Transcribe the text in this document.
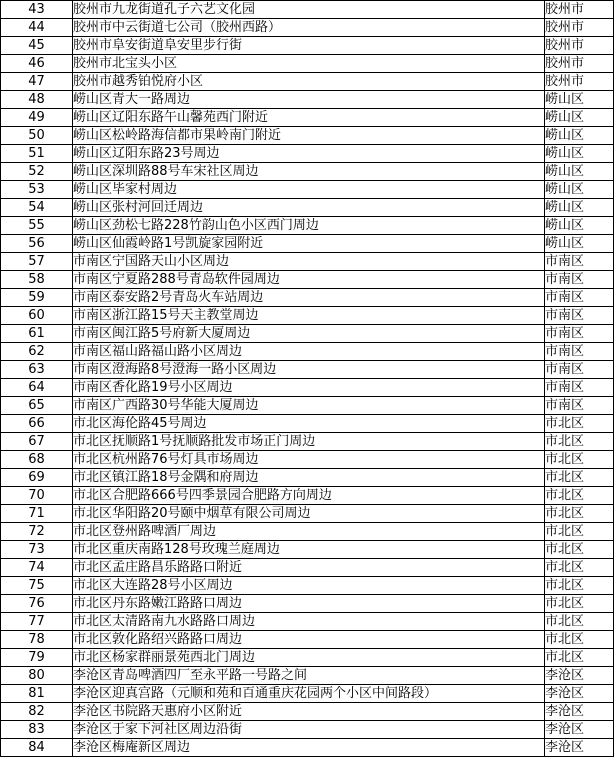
43	胶州市九龙街道孔子六艺文化园	胶州市
44	胶州市中云街道七公司（胶州西路）	胶州市
45	胶州市阜安街道阜安里步行街	胶州市
46	胶州市北宝头小区	胶州市
47	胶州市越秀铂悦府小区	胶州市
48	崂山区青大一路周边	崂山区
49	崂山区辽阳东路午山馨苑西门附近	崂山区
50	崂山区松岭路海信都市果岭南门附近	崂山区
51	崂山区辽阳东路23号周边	崂山区
52	崂山区深圳路88号车宋社区周边	崂山区
53	崂山区毕家村周边	崂山区
54	崂山区张村河回迁周边	崂山区
55	崂山区劲松七路228竹韵山色小区西门周边	崂山区
56	崂山区仙霞岭路1号凯旋家园附近	崂山区
57	市南区宁国路天山小区周边	市南区
58	市南区宁夏路288号青岛软件园周边	市南区
59	市南区泰安路2号青岛火车站周边	市南区
60	市南区浙江路15号天主教堂周边	市南区
61	市南区闽江路5号府新大厦周边	市南区
62	市南区福山路福山路小区周边	市南区
63	市南区澄海路8号澄海一路小区周边	市南区
64	市南区香化路19号小区周边	市南区
65	市南区广西路30号华能大厦周边	市南区
66	市北区海伦路45号周边	市北区
67	市北区抚顺路1号抚顺路批发市场正门周边	市北区
68	市北区杭州路76号灯具市场周边	市北区
69	市北区镇江路18号金隅和府周边	市北区
70	市北区合肥路666号四季景园合肥路方向周边	市北区
71	市北区华阳路20号颐中烟草有限公司周边	市北区
72	市北区登州路啤酒厂周边	市北区
73	市北区重庆南路128号玫瑰兰庭周边	市北区
74	市北区孟庄路昌乐路路口附近	市北区
75	市北区大连路28号小区周边	市北区
76	市北区丹东路嫩江路路口周边	市北区
77	市北区太清路南九水路路口周边	市北区
78	市北区敦化路绍兴路路口周边	市北区
79	市北区杨家群丽景苑西北门周边	市北区
80	李沧区青岛啤酒四厂至永平路一号路之间	李沧区
81	李沧区迎真宫路（元顺和苑和百通重庆花园两个小区中间路段）	李沧区
82	李沧区书院路天惠府小区附近	李沧区
83	李沧区于家下河社区周边沿街	李沧区
84	李沧区梅庵新区周边	李沧区
